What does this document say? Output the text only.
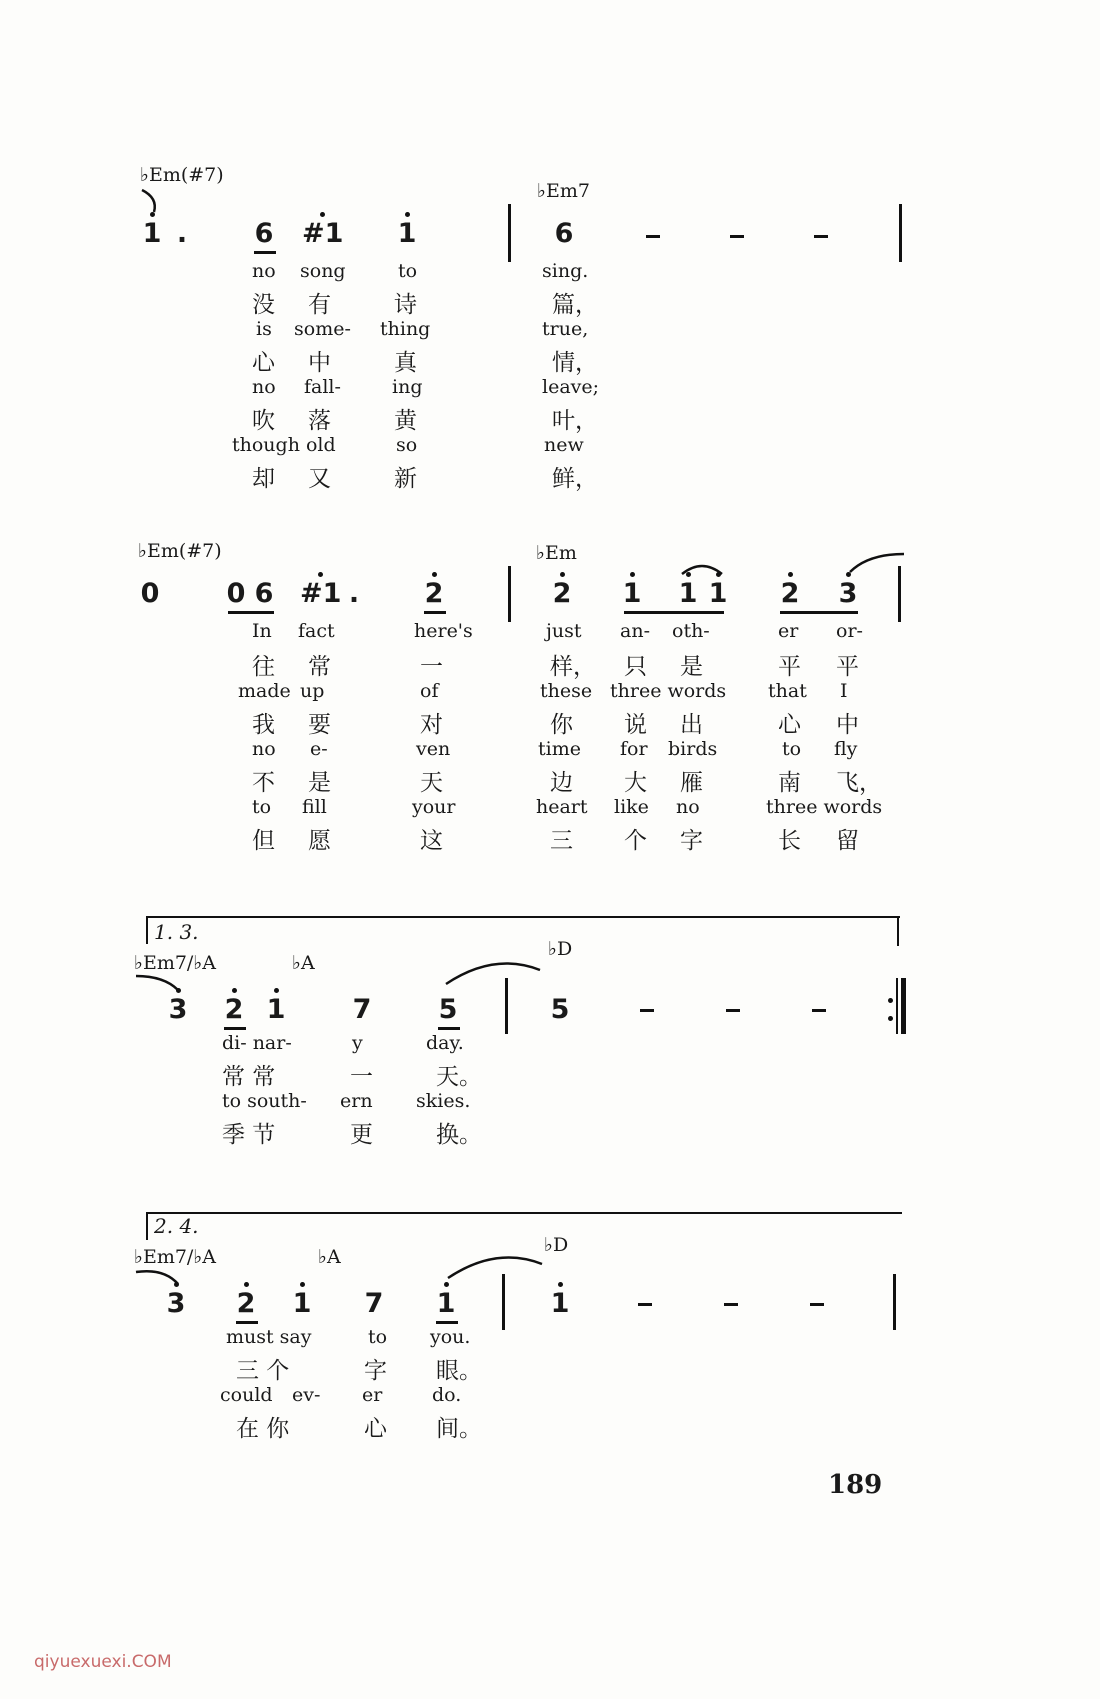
♭Em(#7)
♭Em7
1 .	6	#1	1	6
no song	to	sing.
没 有	诗	篇，
is some- thing	true,
心 中	真	情，
no fall-	ing	leave;
吹 落	黄	叶，
though old	so	new
却 又	新	鲜，
♭Em(#7)	♭Em
0	0 6 #1 .	2	2	1	1 1	2	3
In fact	here's	just an- oth-	er or-
往 常	一	样， 只 是	平 平
made up	of	these three words that I
我 要	对	你 说 出	心 中
no e-	ven	time for birds	to fly
不 是	天	边 大 雁	南 飞，
to fill	your	heart like no	three words
但 愿	这	三 个 字	长 留
1. 3.
♭Em7/♭A	♭A
♭D
3	2 1	7	5	5
di- nar-	y	day.
常 常	一	天。
to south- ern skies.
季 节	更	换。
2. 4.
♭Em7/♭A	♭A
♭D
3	2	1	7	1	1
must say	to you.
三 个	字 眼。
could ev- er	do.
在 你	心 间。
189
qiyuexuexi.COM
